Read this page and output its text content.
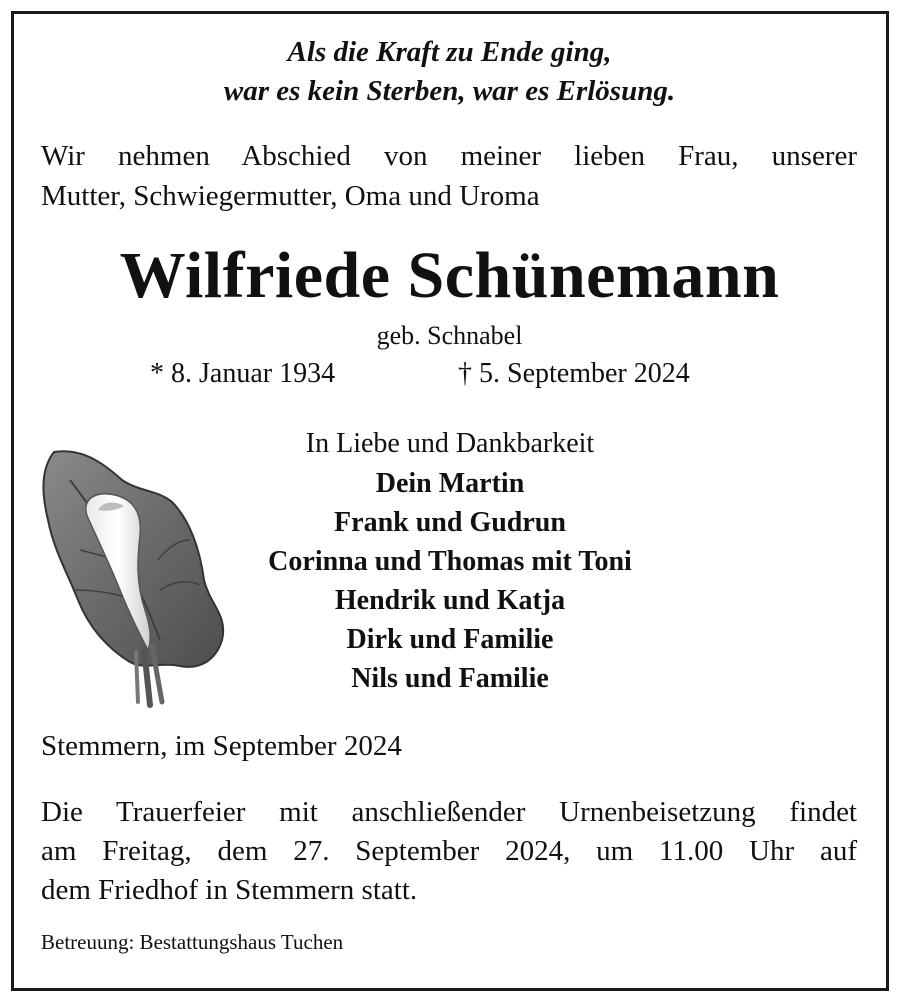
Als die Kraft zu Ende ging,
war es kein Sterben, war es Erlösung.
Wir nehmen Abschied von meiner lieben Frau, unserer
Mutter, Schwiegermutter, Oma und Uroma
Wilfriede Schünemann
geb. Schnabel
* 8. Januar 1934	† 5. September 2024
In Liebe und Dankbarkeit
Dein Martin
Frank und Gudrun
Corinna und Thomas mit Toni
Hendrik und Katja
Dirk und Familie
Nils und Familie
Stemmern, im September 2024
Die Trauerfeier mit anschließender Urnenbeisetzung findet
am Freitag, dem 27. September 2024, um 11.00 Uhr auf
dem Friedhof in Stemmern statt.
Betreuung: Bestattungshaus Tuchen
